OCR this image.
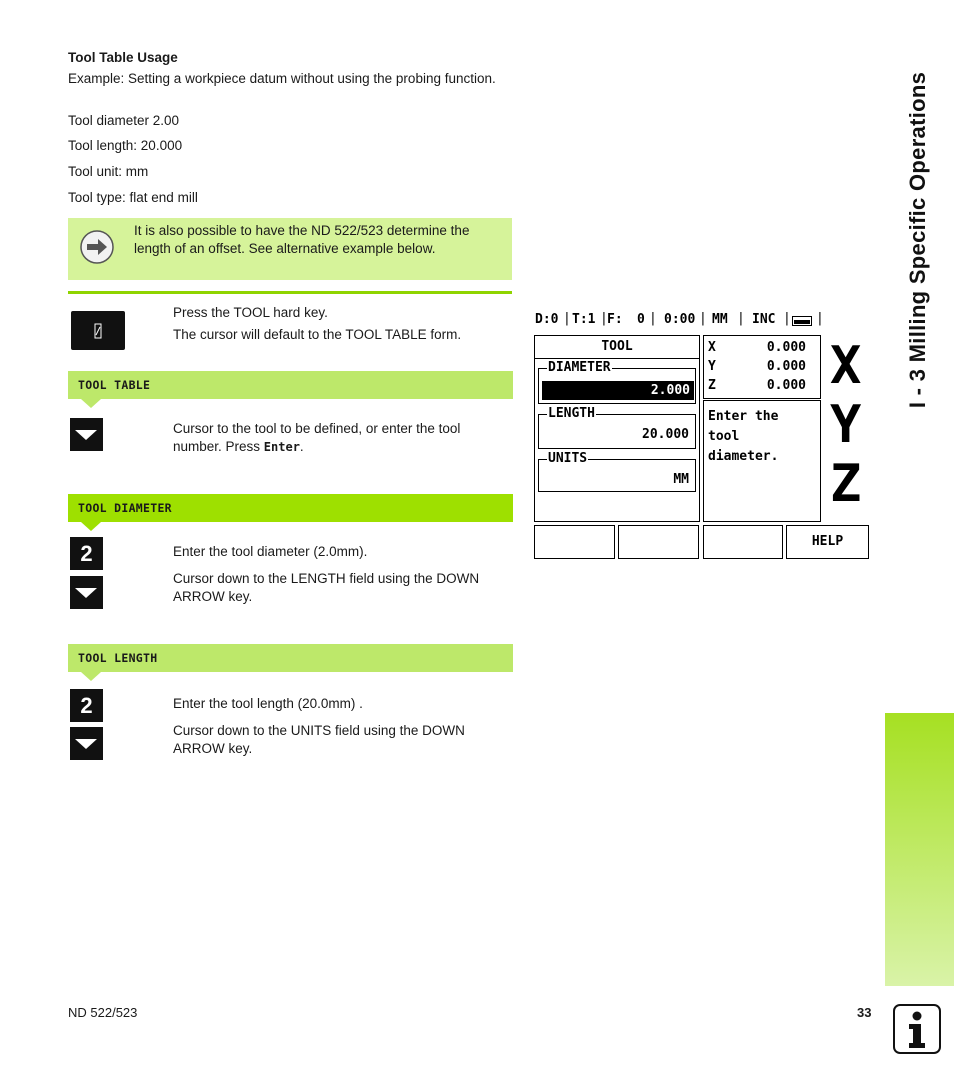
Tool Table Usage
Example: Setting a workpiece datum without using the probing function.
Tool diameter 2.00
Tool length: 20.000
Tool unit: mm
Tool type: flat end mill
It is also possible to have the ND 522/523 determine the length of an offset. See alternative example below.
Press the TOOL hard key.
The cursor will default to the TOOL TABLE form.
TOOL TABLE
Cursor to the tool to be defined, or enter the tool number. Press Enter.
TOOL DIAMETER
2	Enter the tool diameter (2.0mm).
Cursor down to the LENGTH field using the DOWN ARROW key.
TOOL LENGTH
2	Enter the tool length (20.0mm) .
Cursor down to the UNITS field using the DOWN ARROW key.
D:0 | T:1 | F: 0 | 0:00 | MM | INC | |
TOOL
DIAMETER
2.000
LENGTH
20.000
UNITS
MM
X	0.000
Y	0.000
Z	0.000
Enter the tool diameter.
X
Y
Z
HELP
I - 3 Milling Specific Operations
ND 522/523	33
